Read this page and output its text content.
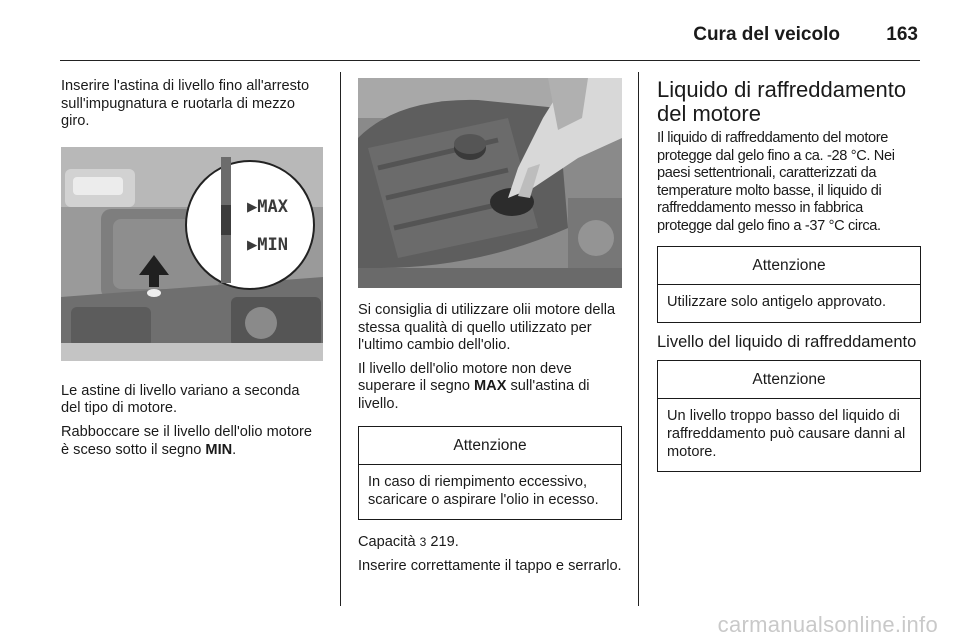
Cura del veicolo 163

Inserire l'astina di livello fino all'arresto sull'impugnatura e ruotarla di mezzo giro.

▶MAX
▶MIN

Le astine di livello variano a seconda del tipo di motore.

Rabboccare se il livello dell'olio motore è sceso sotto il segno MIN.

Si consiglia di utilizzare olii motore della stessa qualità di quello utilizzato per l'ultimo cambio dell'olio.

Il livello dell'olio motore non deve superare il segno MAX sull'astina di livello.

Attenzione
In caso di riempimento eccessivo, scaricare o aspirare l'olio in ecesso.

Capacità 3 219.

Inserire correttamente il tappo e serrarlo.

Liquido di raffreddamento del motore

Il liquido di raffreddamento del motore protegge dal gelo fino a ca. -28 °C. Nei paesi settentrionali, caratterizzati da temperature molto basse, il liquido di raffreddamento messo in fabbrica protegge dal gelo fino a -37 °C circa.

Attenzione
Utilizzare solo antigelo approvato.
Livello del liquido di raffreddamento
Attenzione
Un livello troppo basso del liquido di raffreddamento può causare danni al motore.
carmanualsonline.info
